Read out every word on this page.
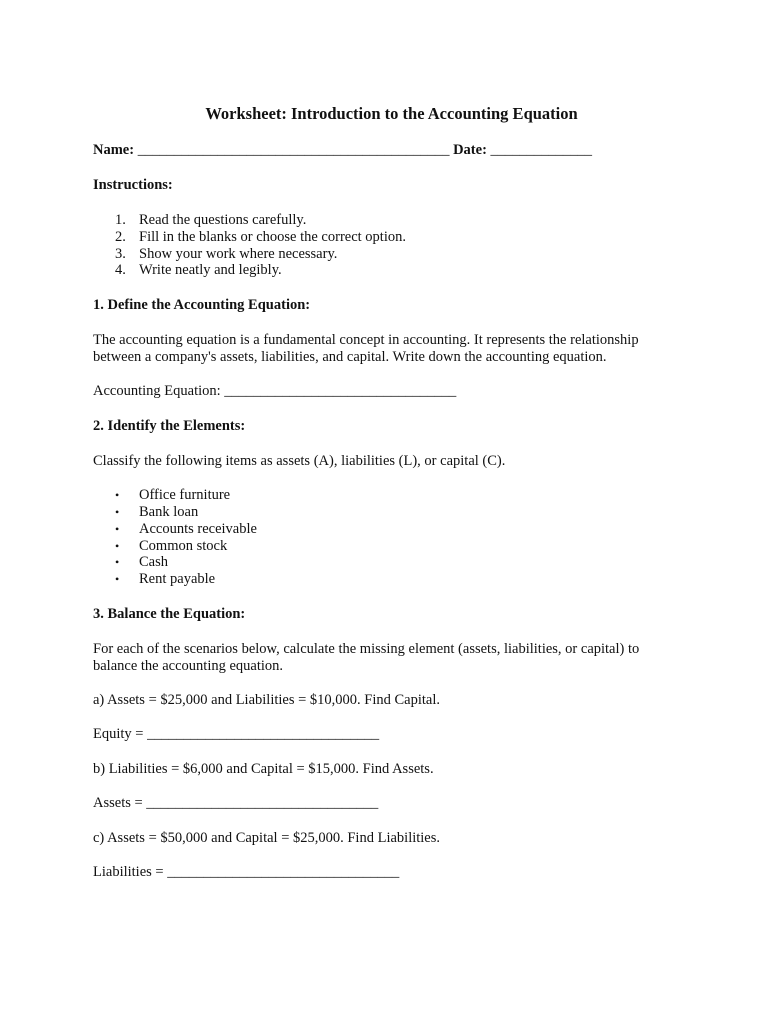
Worksheet: Introduction to the Accounting Equation
Name: ___________________________________________ Date: ______________
Instructions:
1. Read the questions carefully.
2. Fill in the blanks or choose the correct option.
3. Show your work where necessary.
4. Write neatly and legibly.
1. Define the Accounting Equation:
The accounting equation is a fundamental concept in accounting. It represents the relationship between a company's assets, liabilities, and capital. Write down the accounting equation.
Accounting Equation: ________________________________
2. Identify the Elements:
Classify the following items as assets (A), liabilities (L), or capital (C).
• Office furniture
• Bank loan
• Accounts receivable
• Common stock
• Cash
• Rent payable
3. Balance the Equation:
For each of the scenarios below, calculate the missing element (assets, liabilities, or capital) to balance the accounting equation.
a) Assets = $25,000 and Liabilities = $10,000. Find Capital.
Equity = ________________________________
b) Liabilities = $6,000 and Capital = $15,000. Find Assets.
Assets = ________________________________
c) Assets = $50,000 and Capital = $25,000. Find Liabilities.
Liabilities = ________________________________
